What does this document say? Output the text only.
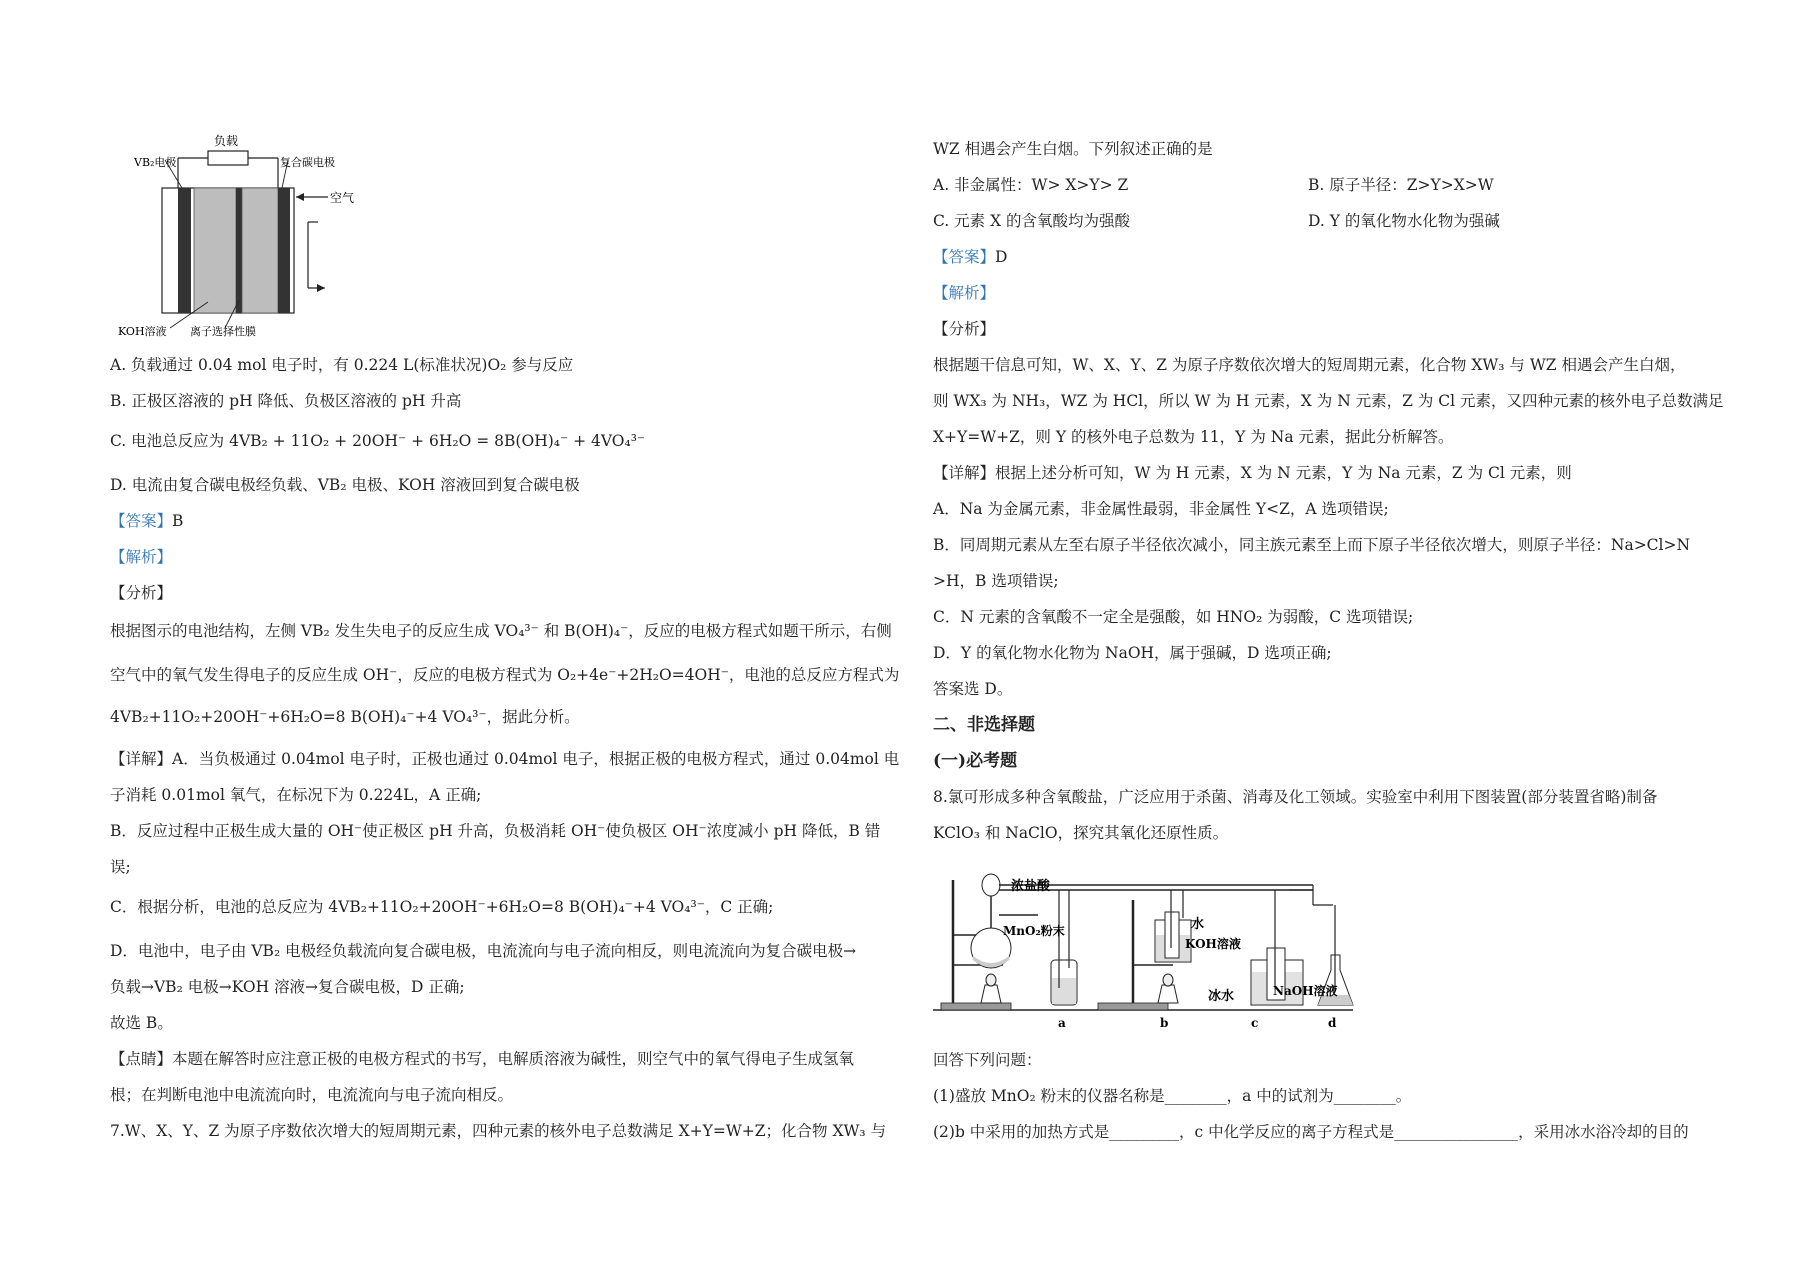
负载
VB₂电极	复合碳电极
空气
KOH溶液 离子选择性膜
A. 负载通过 0.04 mol 电子时，有 0.224 L(标准状况)O₂ 参与反应
B. 正极区溶液的 pH 降低、负极区溶液的 pH 升高
C. 电池总反应为 4VB₂ + 11O₂ + 20OH⁻ + 6H₂O = 8B(OH)₄⁻ + 4VO₄³⁻
D. 电流由复合碳电极经负载、VB₂ 电极、KOH 溶液回到复合碳电极
【答案】B
【解析】
【分析】
根据图示的电池结构，左侧 VB₂ 发生失电子的反应生成 VO₄³⁻ 和 B(OH)₄⁻，反应的电极方程式如题干所示，右侧
空气中的氧气发生得电子的反应生成 OH⁻，反应的电极方程式为 O₂+4e⁻+2H₂O=4OH⁻，电池的总反应方程式为
4VB₂+11O₂+20OH⁻+6H₂O=8 B(OH)₄⁻+4 VO₄³⁻，据此分析。
【详解】A．当负极通过 0.04mol 电子时，正极也通过 0.04mol 电子，根据正极的电极方程式，通过 0.04mol 电
子消耗 0.01mol 氧气，在标况下为 0.224L，A 正确;
B．反应过程中正极生成大量的 OH⁻使正极区 pH 升高，负极消耗 OH⁻使负极区 OH⁻浓度减小 pH 降低，B 错
误;
C．根据分析，电池的总反应为 4VB₂+11O₂+20OH⁻+6H₂O=8 B(OH)₄⁻+4 VO₄³⁻，C 正确;
D．电池中，电子由 VB₂ 电极经负载流向复合碳电极，电流流向与电子流向相反，则电流流向为复合碳电极→
负载→VB₂ 电极→KOH 溶液→复合碳电极，D 正确;
故选 B。
【点睛】本题在解答时应注意正极的电极方程式的书写，电解质溶液为碱性，则空气中的氧气得电子生成氢氧
根；在判断电池中电流流向时，电流流向与电子流向相反。
7.W、X、Y、Z 为原子序数依次增大的短周期元素，四种元素的核外电子总数满足 X+Y=W+Z；化合物 XW₃ 与
WZ 相遇会产生白烟。下列叙述正确的是
A. 非金属性：W> X>Y> Z	B. 原子半径：Z>Y>X>W
C. 元素 X 的含氧酸均为强酸	D. Y 的氧化物水化物为强碱
【答案】D
【解析】
【分析】
根据题干信息可知，W、X、Y、Z 为原子序数依次增大的短周期元素，化合物 XW₃ 与 WZ 相遇会产生白烟，
则 WX₃ 为 NH₃，WZ 为 HCl，所以 W 为 H 元素，X 为 N 元素，Z 为 Cl 元素，又四种元素的核外电子总数满足
X+Y=W+Z，则 Y 的核外电子总数为 11，Y 为 Na 元素，据此分析解答。
【详解】根据上述分析可知，W 为 H 元素，X 为 N 元素，Y 为 Na 元素，Z 为 Cl 元素，则
A．Na 为金属元素，非金属性最弱，非金属性 Y<Z，A 选项错误;
B．同周期元素从左至右原子半径依次减小，同主族元素至上而下原子半径依次增大，则原子半径：Na>Cl>N
>H，B 选项错误;
C．N 元素的含氧酸不一定全是强酸，如 HNO₂ 为弱酸，C 选项错误;
D．Y 的氧化物水化物为 NaOH，属于强碱，D 选项正确;
答案选 D。
二、非选择题
(一)必考题
8.氯可形成多种含氧酸盐，广泛应用于杀菌、消毒及化工领域。实验室中利用下图装置(部分装置省略)制备
KClO₃ 和 NaClO，探究其氧化还原性质。
浓盐酸
MnO₂粉末	水
KOH溶液
冰水	NaOH溶液
a	b	c	d
回答下列问题：
(1)盛放 MnO₂ 粉末的仪器名称是________，a 中的试剂为________。
(2)b 中采用的加热方式是_________，c 中化学反应的离子方程式是________________，采用冰水浴冷却的目的
